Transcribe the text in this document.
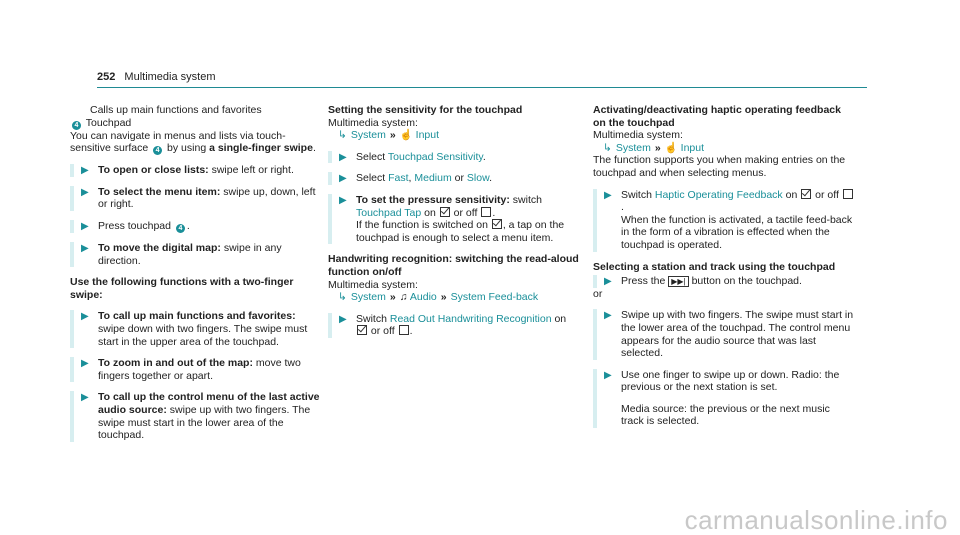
252 Multimedia system

Calls up main functions and favorites

4 Touchpad

You can navigate in menus and lists via touch-sensitive surface 4 by using a single-finger swipe.

▶ To open or close lists: swipe left or right.
▶ To select the menu item: swipe up, down, left or right.
▶ Press touchpad 4 .
▶ To move the digital map: swipe in any direction.

Use the following functions with a two-finger swipe:

▶ To call up main functions and favorites: swipe down with two fingers. The swipe must start in the upper area of the touchpad.
▶ To zoom in and out of the map: move two fingers together or apart.
▶ To call up the control menu of the last active audio source: swipe up with two fingers. The swipe must start in the lower area of the touchpad.

Setting the sensitivity for the touchpad

Multimedia system:

↳ System » ☝ Input

▶ Select Touchpad Sensitivity.
▶ Select Fast, Medium or Slow.
▶ To set the pressure sensitivity: switch Touchpad Tap on or off .
If the function is switched on , a tap on the touchpad is enough to select a menu item.

Handwriting recognition: switching the read-aloud function on/off

Multimedia system:

↳ System » ♫ Audio » System Feed-back

▶ Switch Read Out Handwriting Recognition on
or off .

Activating/deactivating haptic operating feedback on the touchpad

Multimedia system:

↳ System » ☝ Input

The function supports you when making entries on the touchpad and when selecting menus.

▶ Switch Haptic Operating Feedback on or off .
When the function is activated, a tactile feed-back in the form of a vibration is effected when the touchpad is operated.

Selecting a station and track using the touchpad

▶ Press the ▶▶| button on the touchpad.

or

▶ Swipe up with two fingers. The swipe must start in the lower area of the touchpad. The control menu appears for the audio source that was last selected.
▶ Use one finger to swipe up or down. Radio: the previous or the next station is set.
Media source: the previous or the next music track is selected.
carmanualsonline.info
